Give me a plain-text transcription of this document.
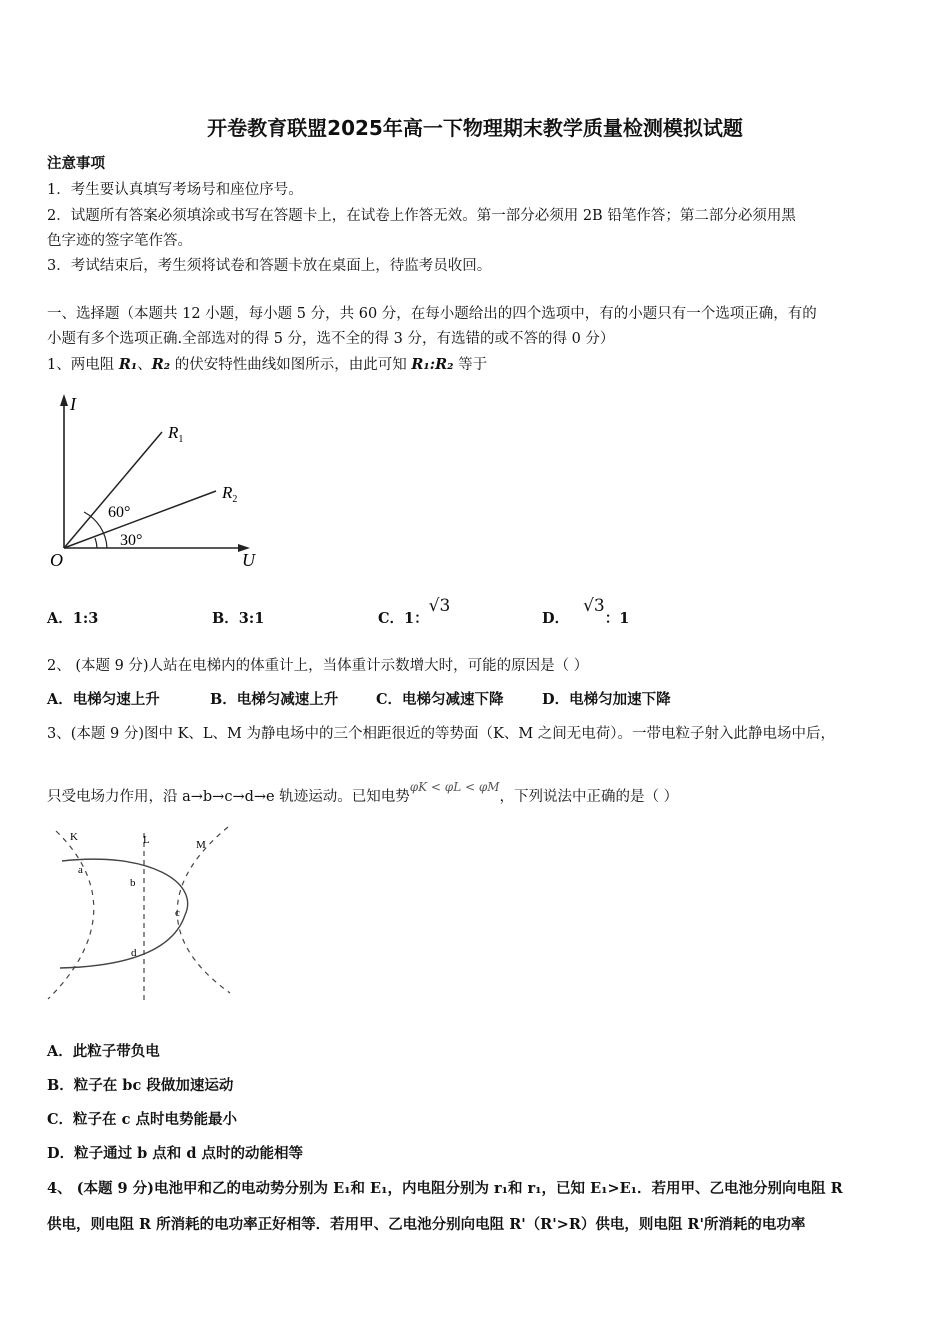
开卷教育联盟2025年高一下物理期末教学质量检测模拟试题
注意事项
1．考生要认真填写考场号和座位序号。
2．试题所有答案必须填涂或书写在答题卡上，在试卷上作答无效。第一部分必须用 2B 铅笔作答；第二部分必须用黑
色字迹的签字笔作答。
3．考试结束后，考生须将试卷和答题卡放在桌面上，待监考员收回。
一、选择题（本题共 12 小题，每小题 5 分，共 60 分，在每小题给出的四个选项中，有的小题只有一个选项正确，有的
小题有多个选项正确.全部选对的得 5 分，选不全的得 3 分，有选错的或不答的得 0 分）
1、两电阻 R₁、R₂ 的伏安特性曲线如图所示，由此可知 R₁:R₂ 等于
I
U
O
$R_1$
$R_2$
60°
30°
A．1:3	B．3:1	C．1：√3
D．√3：1
2、 (本题 9 分)人站在电梯内的体重计上，当体重计示数增大时，可能的原因是（ ）
A．电梯匀速上升	B．电梯匀减速上升	C．电梯匀减速下降	D．电梯匀加速下降
3、(本题 9 分)图中 K、L、M 为静电场中的三个相距很近的等势面（K、M 之间无电荷）。一带电粒子射入此静电场中后，
只受电场力作用，沿 a→b→c→d→e 轨迹运动。已知电势$^{\varphi K < \varphi L < \varphi M}$，下列说法中正确的是（ ）
K	L	M
a
b
c
d
A．此粒子带负电
B．粒子在 bc 段做加速运动
C．粒子在 c 点时电势能最小
D．粒子通过 b 点和 d 点时的动能相等
4、 (本题 9 分)电池甲和乙的电动势分别为 E₁和 E₁，内电阻分别为 r₁和 r₁，已知 E₁>E₁．若用甲、乙电池分别向电阻 R
供电，则电阻 R 所消耗的电功率正好相等．若用甲、乙电池分别向电阻 R'（R'>R）供电，则电阻 R'所消耗的电功率
